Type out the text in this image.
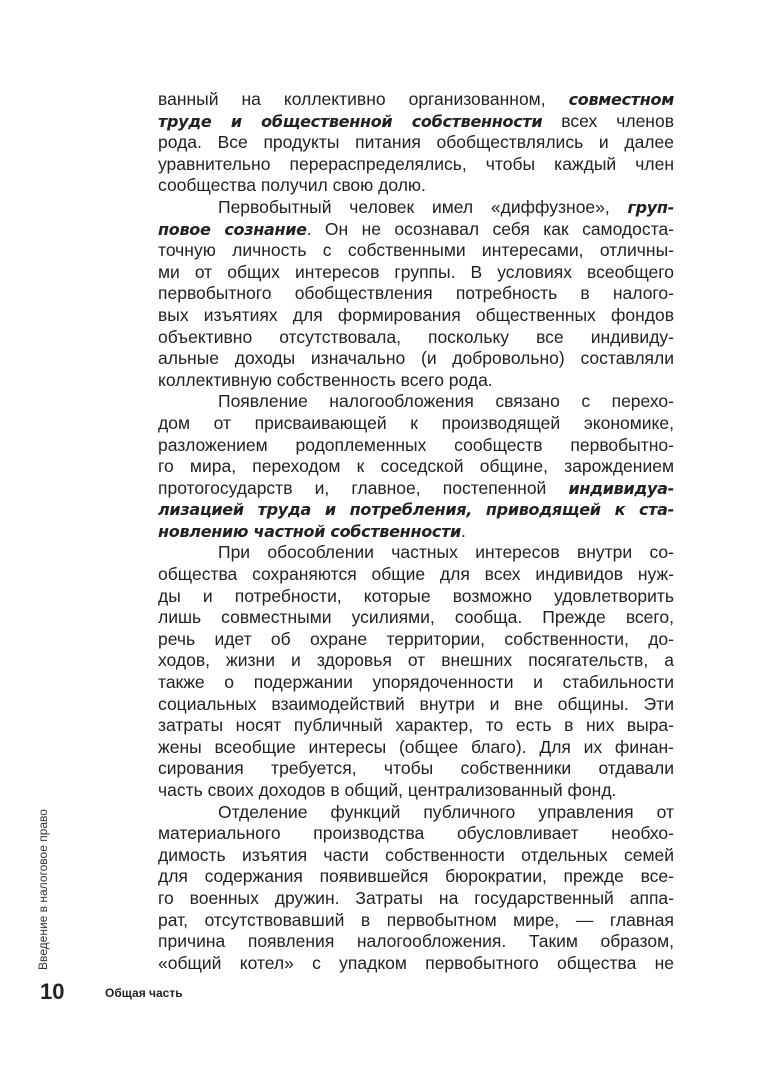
ванный на коллективно организованном, совместном
труде и общественной собственности всех членов
рода. Все продукты питания обобществлялись и далее
уравнительно перераспределялись, чтобы каждый член
сообщества получил свою долю.
Первобытный человек имел «диффузное», груп-
повое сознание. Он не осознавал себя как самодоста-
точную личность с собственными интересами, отличны-
ми от общих интересов группы. В условиях всеобщего
первобытного обобществления потребность в налого-
вых изъятиях для формирования общественных фондов
объективно отсутствовала, поскольку все индивиду-
альные доходы изначально (и добровольно) составляли
коллективную собственность всего рода.
Появление налогообложения связано с перехо-
дом от присваивающей к производящей экономике,
разложением родоплеменных сообществ первобытно-
го мира, переходом к соседской общине, зарождением
протогосударств и, главное, постепенной индивидуа-
лизацией труда и потребления, приводящей к ста-
новлению частной собственности.
При обособлении частных интересов внутри со-
общества сохраняются общие для всех индивидов нуж-
ды и потребности, которые возможно удовлетворить
лишь совместными усилиями, сообща. Прежде всего,
речь идет об охране территории, собственности, до-
ходов, жизни и здоровья от внешних посягательств, а
также о подержании упорядоченности и стабильности
социальных взаимодействий внутри и вне общины. Эти
затраты носят публичный характер, то есть в них выра-
жены всеобщие интересы (общее благо). Для их финан-
сирования требуется, чтобы собственники отдавали
часть своих доходов в общий, централизованный фонд.
Отделение функций публичного управления от
материального производства обусловливает необхо-
димость изъятия части собственности отдельных семей
для содержания появившейся бюрократии, прежде все-
го военных дружин. Затраты на государственный аппа-
рат, отсутствовавший в первобытном мире, — главная
причина появления налогообложения. Таким образом,
«общий котел» с упадком первобытного общества не
Введение в налоговое право
10	Общая часть
